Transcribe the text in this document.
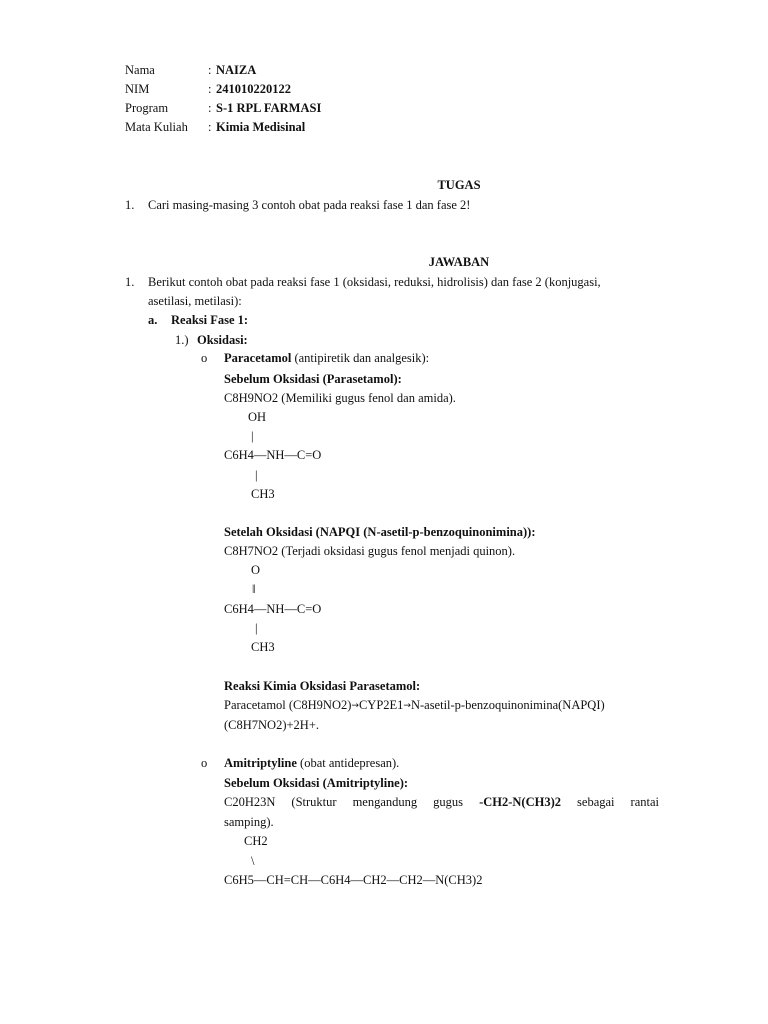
Nama	: NAIZA
NIM	: 241010220122
Program	: S-1 RPL FARMASI
Mata Kuliah : Kimia Medisinal
TUGAS
1. Cari masing-masing 3 contoh obat pada reaksi fase 1 dan fase 2!
JAWABAN
1. Berikut contoh obat pada reaksi fase 1 (oksidasi, reduksi, hidrolisis) dan fase 2 (konjugasi,
asetilasi, metilasi):
a. Reaksi Fase 1:
1.) Oksidasi:
o Paracetamol (antipiretik dan analgesik):
Sebelum Oksidasi (Parasetamol):
C8H9NO2 (Memiliki gugus fenol dan amida).
OH
|
C6H4—NH—C=O
|
CH3
Setelah Oksidasi (NAPQI (N-asetil-p-benzoquinonimina)):
C8H7NO2 (Terjadi oksidasi gugus fenol menjadi quinon).
O
‖
C6H4—NH—C=O
|
CH3
Reaksi Kimia Oksidasi Parasetamol:
Paracetamol (C8H9NO2)→CYP2E1→N-asetil-p-benzoquinonimina(NAPQI)
(C8H7NO2)+2H+.
o Amitriptyline (obat antidepresan).
Sebelum Oksidasi (Amitriptyline):
C20H23N (Struktur mengandung gugus -CH2-N(CH3)2 sebagai rantai
samping).
CH2
\
C6H5—CH=CH—C6H4—CH2—CH2—N(CH3)2
